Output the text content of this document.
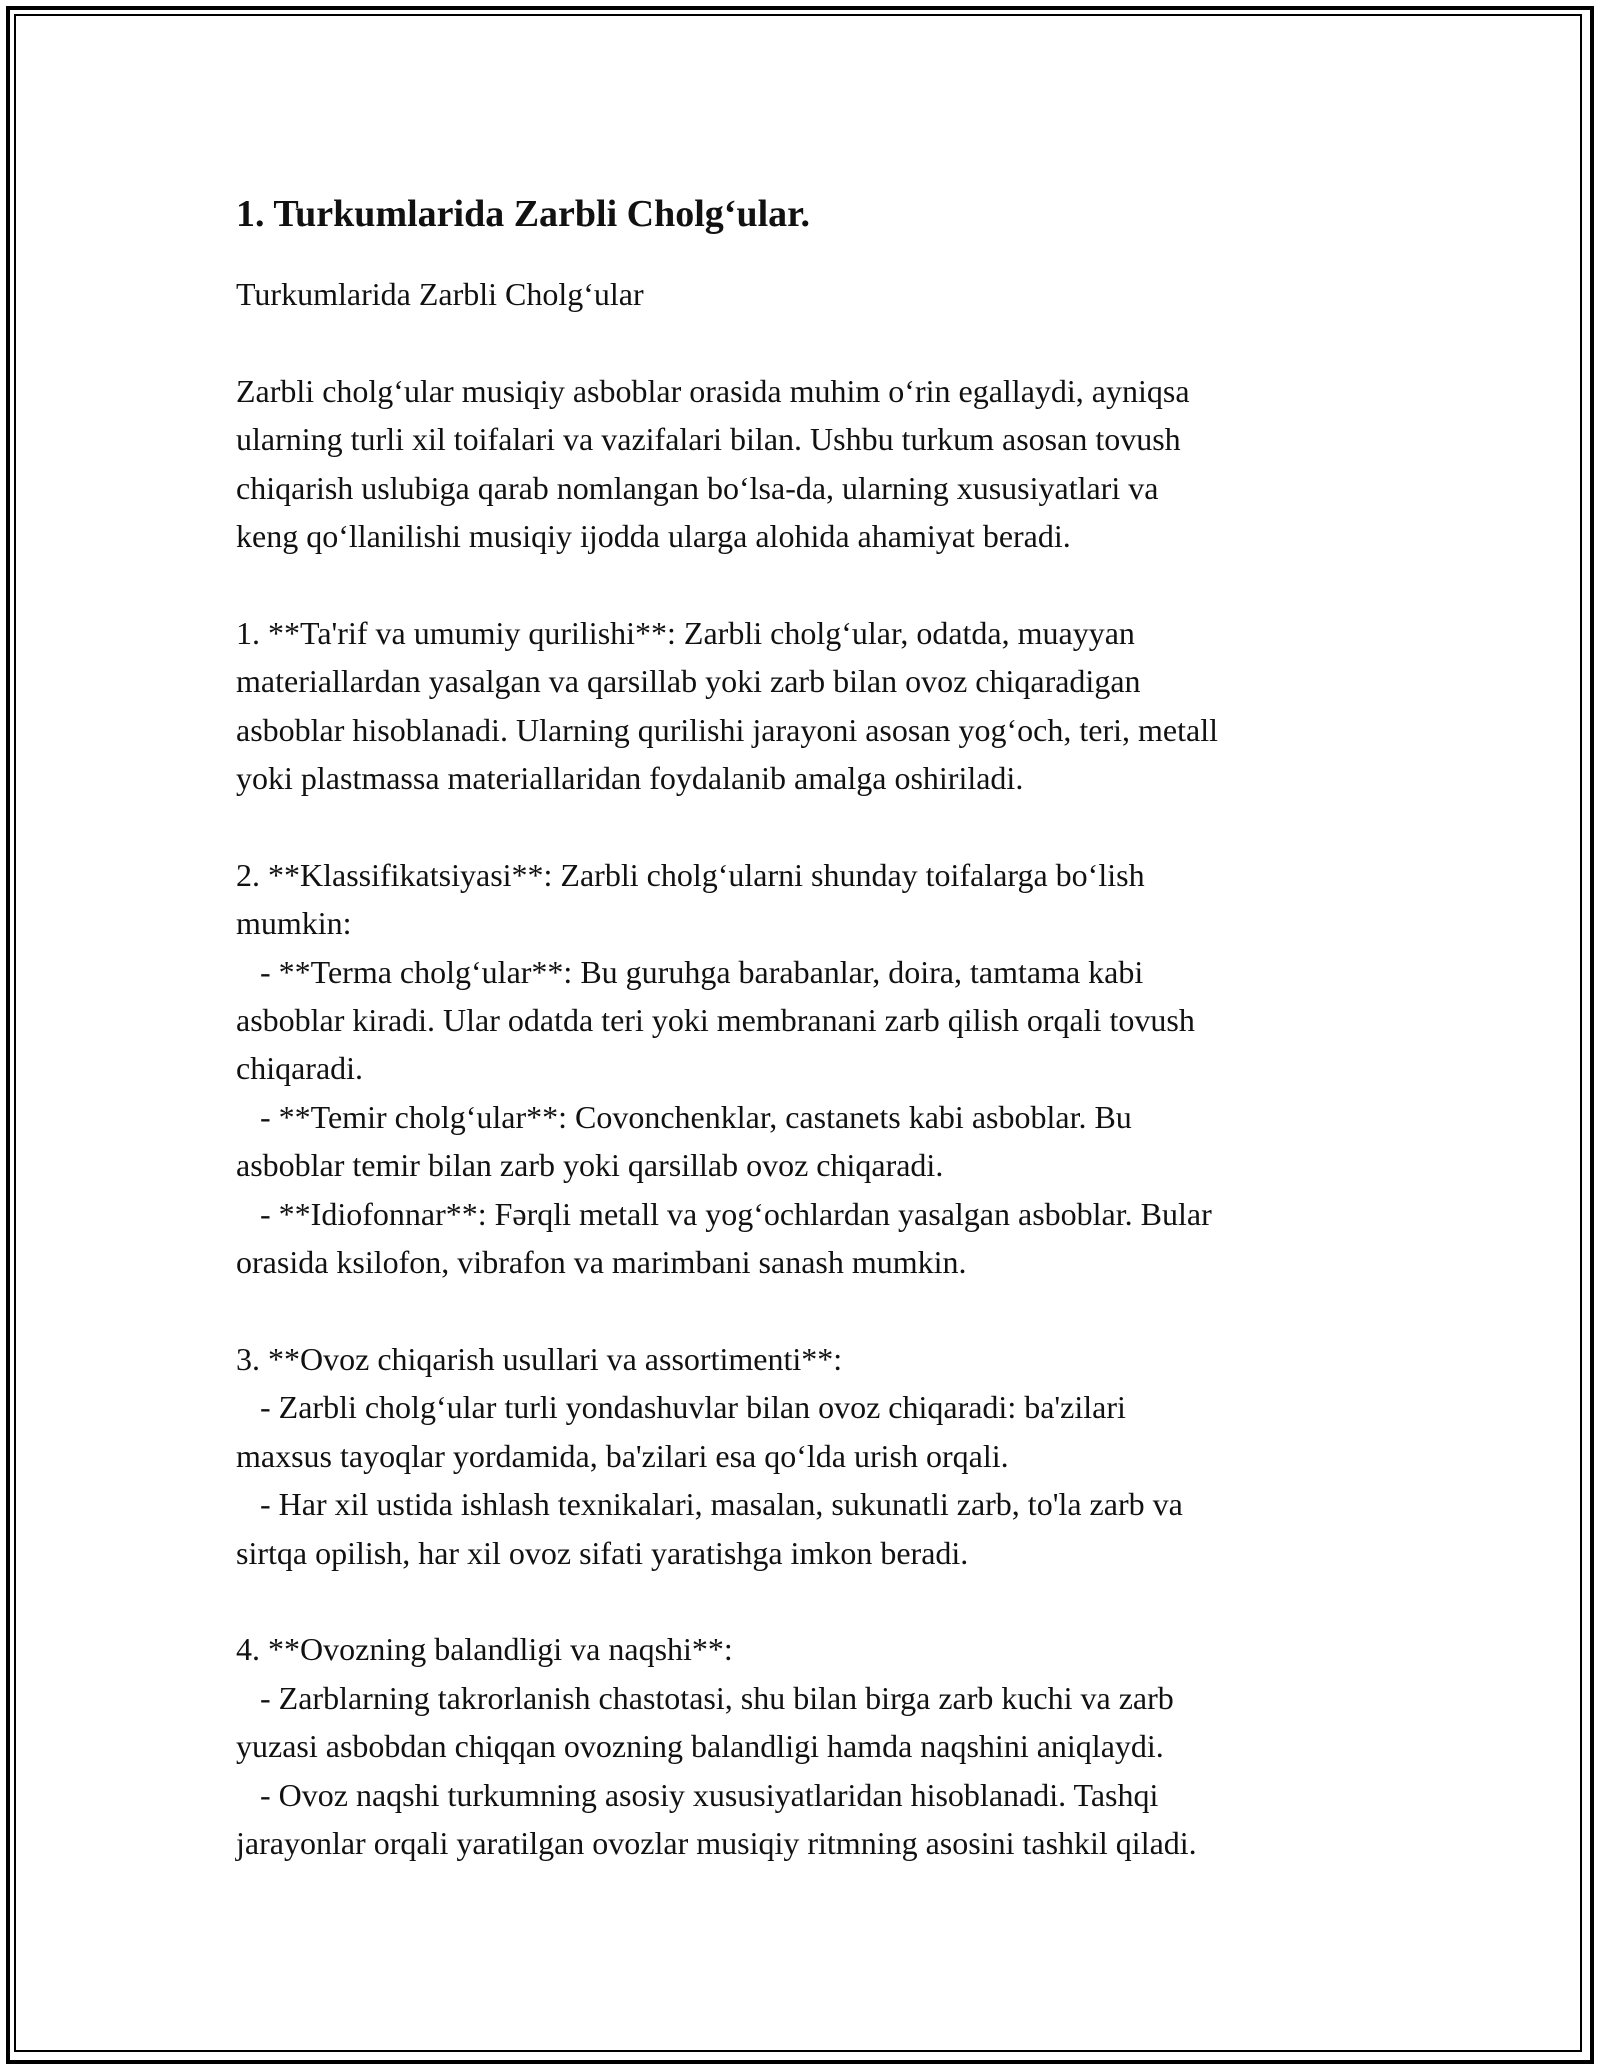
1. Turkumlarida Zarbli Cholg‘ular.
Turkumlarida Zarbli Cholg‘ular
Zarbli cholg‘ular musiqiy asboblar orasida muhim o‘rin egallaydi, ayniqsa
ularning turli xil toifalari va vazifalari bilan. Ushbu turkum asosan tovush
chiqarish uslubiga qarab nomlangan bo‘lsa-da, ularning xususiyatlari va
keng qo‘llanilishi musiqiy ijodda ularga alohida ahamiyat beradi.
1. **Ta'rif va umumiy qurilishi**: Zarbli cholg‘ular, odatda, muayyan
materiallardan yasalgan va qarsillab yoki zarb bilan ovoz chiqaradigan
asboblar hisoblanadi. Ularning qurilishi jarayoni asosan yog‘och, teri, metall
yoki plastmassa materiallaridan foydalanib amalga oshiriladi.
2. **Klassifikatsiyasi**: Zarbli cholg‘ularni shunday toifalarga bo‘lish
mumkin:
- **Terma cholg‘ular**: Bu guruhga barabanlar, doira, tamtama kabi
asboblar kiradi. Ular odatda teri yoki membranani zarb qilish orqali tovush
chiqaradi.
- **Temir cholg‘ular**: Covonchenklar, castanets kabi asboblar. Bu
asboblar temir bilan zarb yoki qarsillab ovoz chiqaradi.
- **Idiofonnar**: Fərqli metall va yog‘ochlardan yasalgan asboblar. Bular
orasida ksilofon, vibrafon va marimbani sanash mumkin.
3. **Ovoz chiqarish usullari va assortimenti**:
- Zarbli cholg‘ular turli yondashuvlar bilan ovoz chiqaradi: ba'zilari
maxsus tayoqlar yordamida, ba'zilari esa qo‘lda urish orqali.
- Har xil ustida ishlash texnikalari, masalan, sukunatli zarb, to'la zarb va
sirtqa opilish, har xil ovoz sifati yaratishga imkon beradi.
4. **Ovozning balandligi va naqshi**:
- Zarblarning takrorlanish chastotasi, shu bilan birga zarb kuchi va zarb
yuzasi asbobdan chiqqan ovozning balandligi hamda naqshini aniqlaydi.
- Ovoz naqshi turkumning asosiy xususiyatlaridan hisoblanadi. Tashqi
jarayonlar orqali yaratilgan ovozlar musiqiy ritmning asosini tashkil qiladi.
